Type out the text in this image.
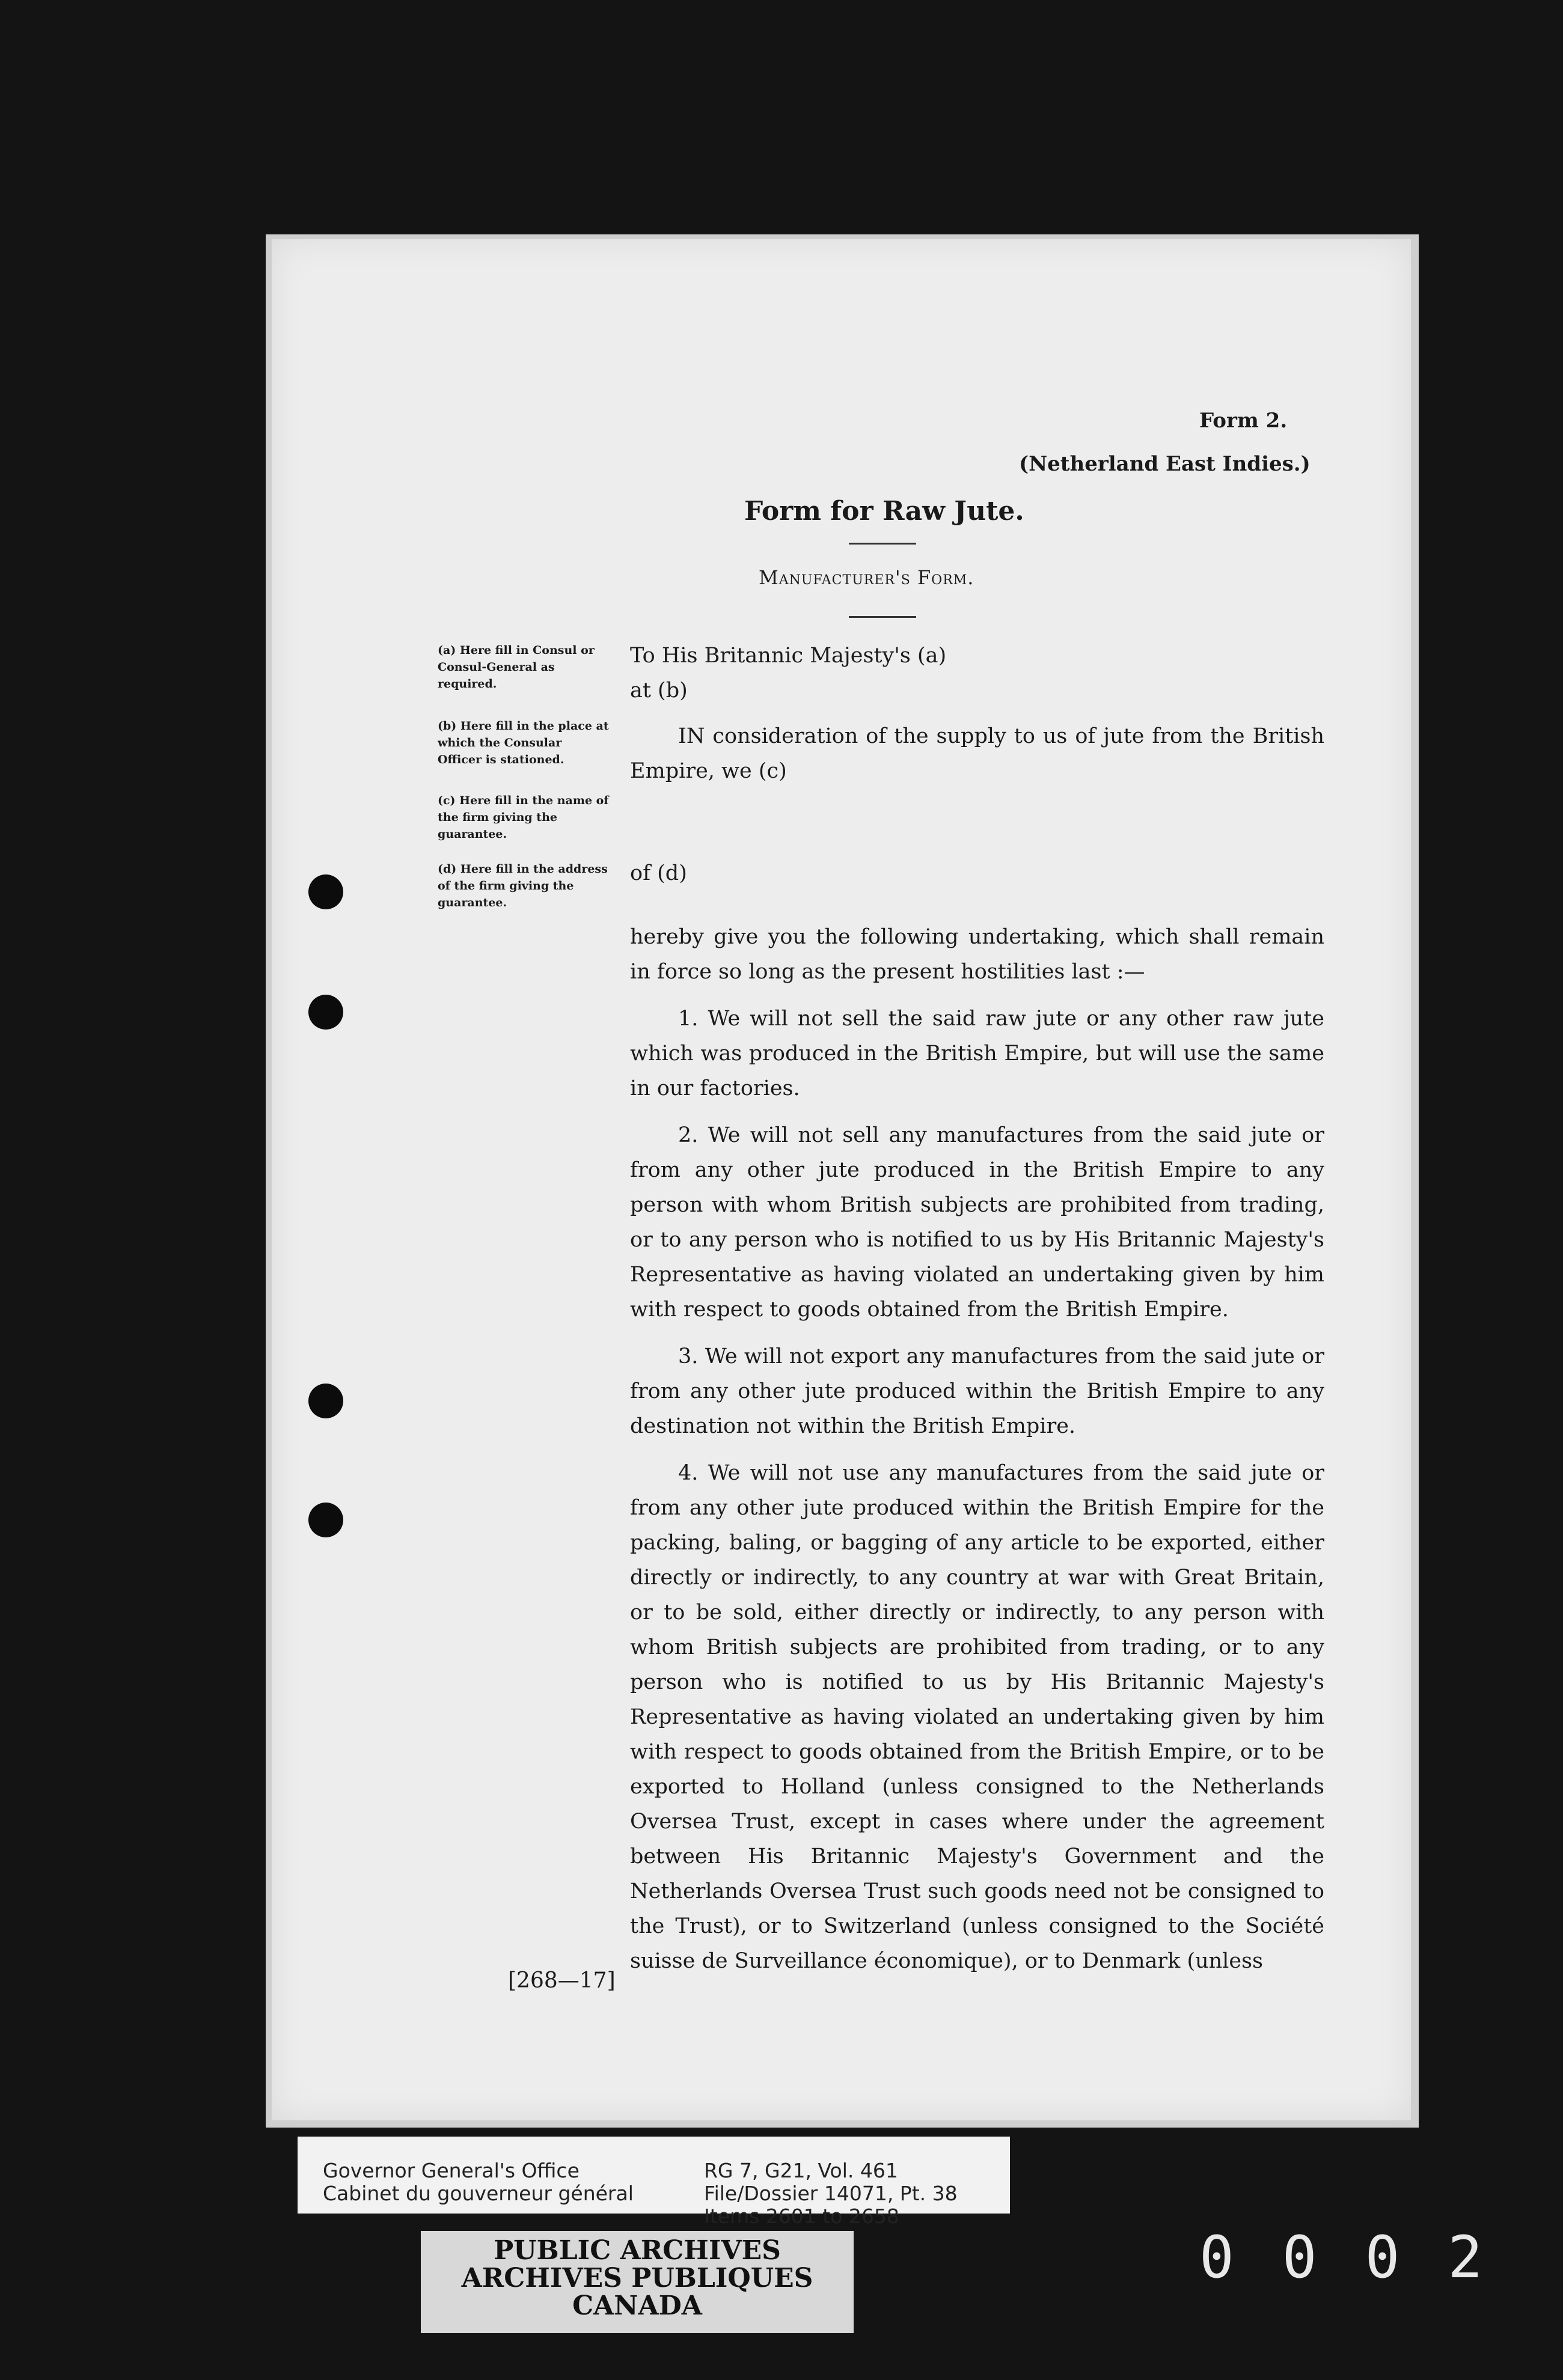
Form 2.
(Netherland East Indies.)
Form for Raw Jute.
Manufacturer's Form.
(a) Here fill in Consul or Consul-General as required.
(b) Here fill in the place at which the Consular Officer is stationed.
(c) Here fill in the name of the firm giving the guarantee.
(d) Here fill in the address of the firm giving the guarantee.

To His Britannic Majesty's (a)

at (b)

IN consideration of the supply to us of jute from the British Empire, we (c)

of (d)

hereby give you the following undertaking, which shall remain in force so long as the present hostilities last :—

1. We will not sell the said raw jute or any other raw jute which was produced in the British Empire, but will use the same in our factories.

2. We will not sell any manufactures from the said jute or from any other jute produced in the British Empire to any person with whom British subjects are prohibited from trading, or to any person who is notified to us by His Britannic Majesty's Representative as having violated an undertaking given by him with respect to goods obtained from the British Empire.

3. We will not export any manufactures from the said jute or from any other jute produced within the British Empire to any destination not within the British Empire.

4. We will not use any manufactures from the said jute or from any other jute produced within the British Empire for the packing, baling, or bagging of any article to be exported, either directly or indirectly, to any country at war with Great Britain, or to be sold, either directly or indirectly, to any person with whom British subjects are prohibited from trading, or to any person who is notified to us by His Britannic Majesty's Representative as having violated an undertaking given by him with respect to goods obtained from the British Empire, or to be exported to Holland (unless consigned to the Netherlands Oversea Trust, except in cases where under the agreement between His Britannic Majesty's Government and the Netherlands Oversea Trust such goods need not be consigned to the Trust), or to Switzerland (unless consigned to the Société suisse de Surveillance économique), or to Denmark (unless

[268—17]
Governor General's Office
Cabinet du gouverneur général
RG 7, G21, Vol. 461
File/Dossier 14071, Pt. 38
Items 2601 to 2658
PUBLIC ARCHIVES
ARCHIVES PUBLIQUES
CANADA
0002
